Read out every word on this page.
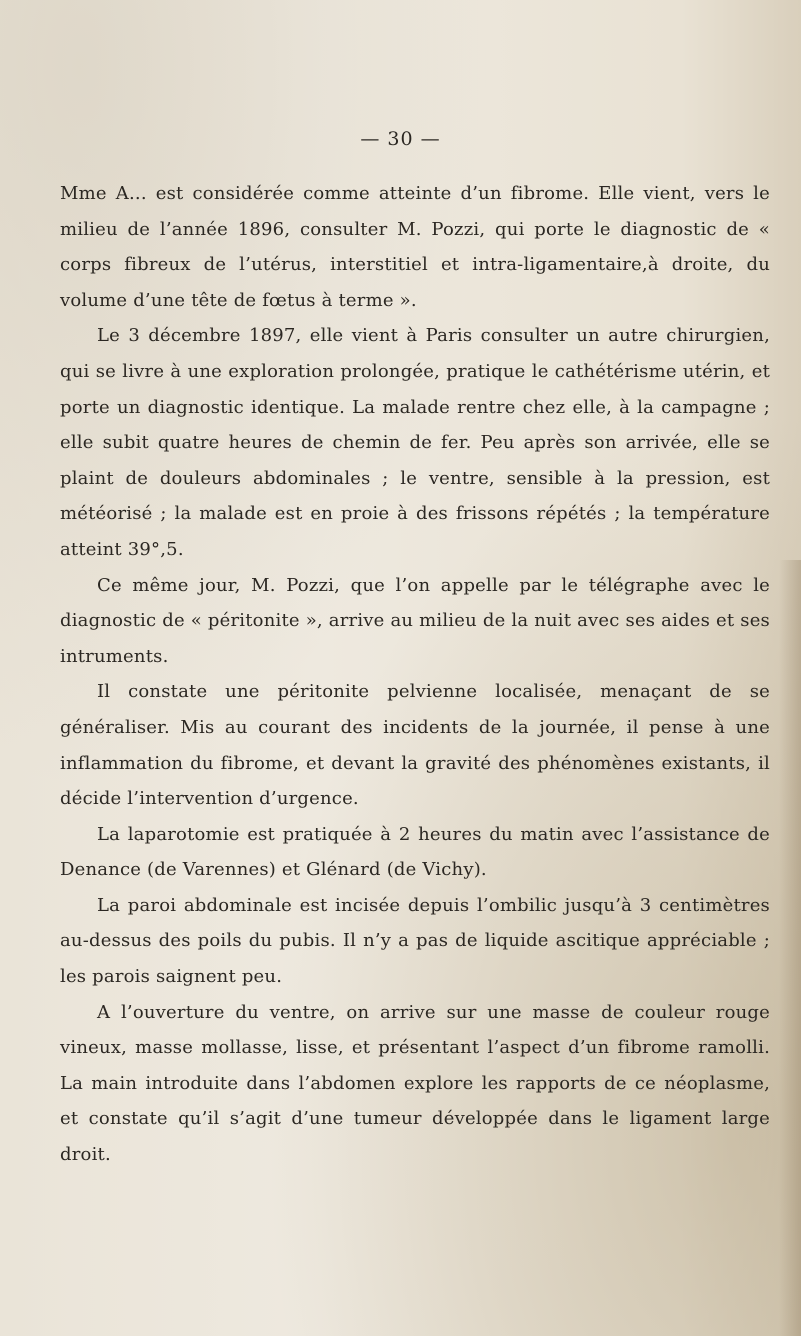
— 30 —

Mme A... est considérée comme atteinte d’un fibrome. Elle vient, vers le milieu de l’année 1896, consulter M. Pozzi, qui porte le diagnostic de « corps fibreux de l’utérus, interstitiel et intra-ligamentaire,à droite, du volume d’une tête de fœtus à terme ».

Le 3 décembre 1897, elle vient à Paris consulter un autre chirurgien, qui se livre à une exploration prolongée, pratique le cathétérisme utérin, et porte un diagnostic identique. La malade rentre chez elle, à la campagne ; elle subit quatre heures de chemin de fer. Peu après son arrivée, elle se plaint de douleurs abdominales ; le ventre, sensible à la pression, est météorisé ; la malade est en proie à des frissons répétés ; la température atteint 39°,5.

Ce même jour, M. Pozzi, que l’on appelle par le télégraphe avec le diagnostic de « péritonite », arrive au milieu de la nuit avec ses aides et ses intruments.

Il constate une péritonite pelvienne localisée, menaçant de se généraliser. Mis au courant des incidents de la journée, il pense à une inflammation du fibrome, et devant la gravité des phénomènes existants, il décide l’intervention d’urgence.

La laparotomie est pratiquée à 2 heures du matin avec l’assistance de Denance (de Varennes) et Glénard (de Vichy).

La paroi abdominale est incisée depuis l’ombilic jusqu’à 3 centimètres au-dessus des poils du pubis. Il n’y a pas de liquide ascitique appréciable ; les parois saignent peu.

A l’ouverture du ventre, on arrive sur une masse de couleur rouge vineux, masse mollasse, lisse, et présentant l’aspect d’un fibrome ramolli. La main introduite dans l’abdomen explore les rapports de ce néoplasme, et constate qu’il s’agit d’une tumeur développée dans le ligament large droit.
